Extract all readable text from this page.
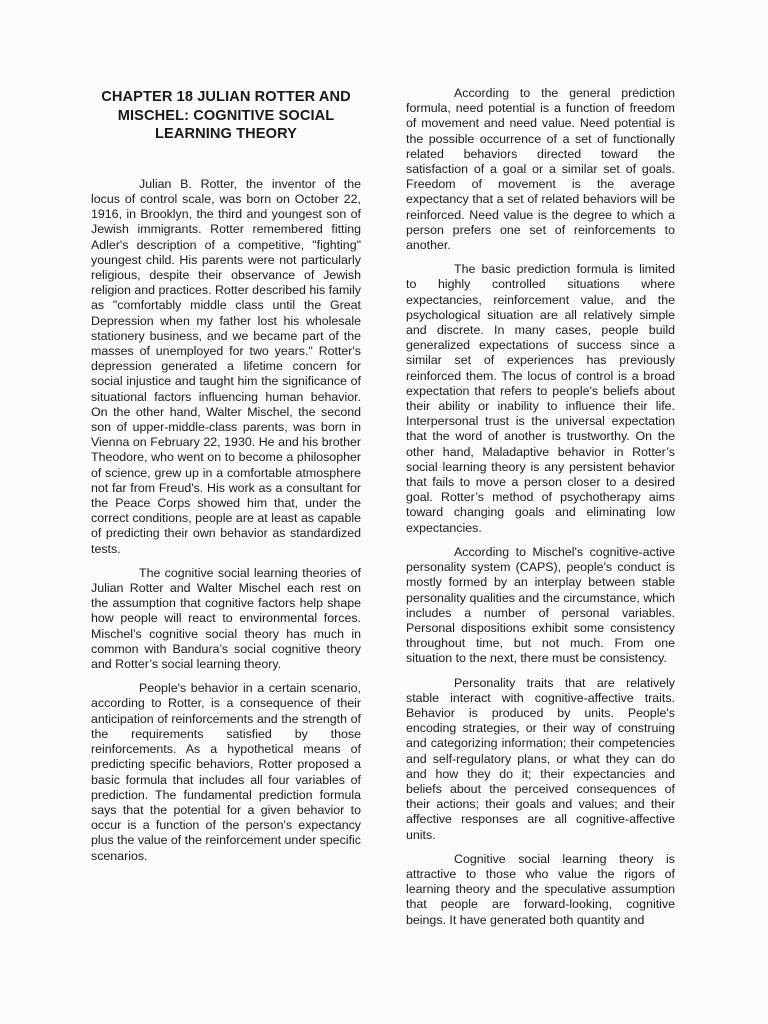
CHAPTER 18 JULIAN ROTTER AND MISCHEL: COGNITIVE SOCIAL LEARNING THEORY

Julian B. Rotter, the inventor of the locus of control scale, was born on October 22, 1916, in Brooklyn, the third and youngest son of Jewish immigrants. Rotter remembered fitting Adler's description of a competitive, "fighting" youngest child. His parents were not particularly religious, despite their observance of Jewish religion and practices. Rotter described his family as "comfortably middle class until the Great Depression when my father lost his wholesale stationery business, and we became part of the masses of unemployed for two years." Rotter's depression generated a lifetime concern for social injustice and taught him the significance of situational factors influencing human behavior. On the other hand, Walter Mischel, the second son of upper-middle-class parents, was born in Vienna on February 22, 1930. He and his brother Theodore, who went on to become a philosopher of science, grew up in a comfortable atmosphere not far from Freud's. His work as a consultant for the Peace Corps showed him that, under the correct conditions, people are at least as capable of predicting their own behavior as standardized tests.

The cognitive social learning theories of Julian Rotter and Walter Mischel each rest on the assumption that cognitive factors help shape how people will react to environmental forces. Mischel’s cognitive social theory has much in common with Bandura’s social cognitive theory and Rotter’s social learning theory.

People's behavior in a certain scenario, according to Rotter, is a consequence of their anticipation of reinforcements and the strength of the requirements satisfied by those reinforcements. As a hypothetical means of predicting specific behaviors, Rotter proposed a basic formula that includes all four variables of prediction. The fundamental prediction formula says that the potential for a given behavior to occur is a function of the person's expectancy plus the value of the reinforcement under specific scenarios.

According to the general prediction formula, need potential is a function of freedom of movement and need value. Need potential is the possible occurrence of a set of functionally related behaviors directed toward the satisfaction of a goal or a similar set of goals. Freedom of movement is the average expectancy that a set of related behaviors will be reinforced. Need value is the degree to which a person prefers one set of reinforcements to another.

The basic prediction formula is limited to highly controlled situations where expectancies, reinforcement value, and the psychological situation are all relatively simple and discrete. In many cases, people build generalized expectations of success since a similar set of experiences has previously reinforced them. The locus of control is a broad expectation that refers to people's beliefs about their ability or inability to influence their life. Interpersonal trust is the universal expectation that the word of another is trustworthy. On the other hand, Maladaptive behavior in Rotter’s social learning theory is any persistent behavior that fails to move a person closer to a desired goal. Rotter’s method of psychotherapy aims toward changing goals and eliminating low expectancies.

According to Mischel's cognitive-active personality system (CAPS), people's conduct is mostly formed by an interplay between stable personality qualities and the circumstance, which includes a number of personal variables. Personal dispositions exhibit some consistency throughout time, but not much. From one situation to the next, there must be consistency.

Personality traits that are relatively stable interact with cognitive-affective traits. Behavior is produced by units. People's encoding strategies, or their way of construing and categorizing information; their competencies and self-regulatory plans, or what they can do and how they do it; their expectancies and beliefs about the perceived consequences of their actions; their goals and values; and their affective responses are all cognitive-affective units.

Cognitive social learning theory is attractive to those who value the rigors of learning theory and the speculative assumption that people are forward-looking, cognitive beings. It have generated both quantity and
